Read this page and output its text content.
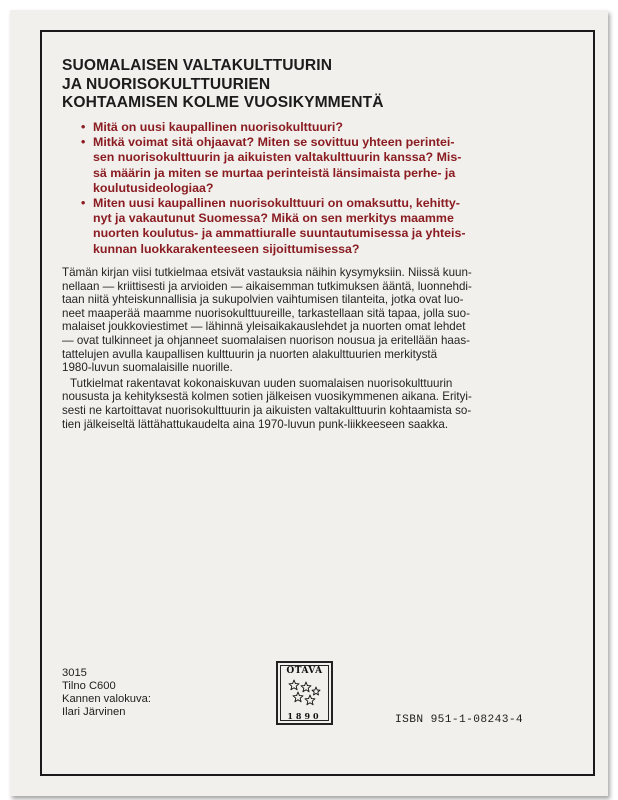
SUOMALAISEN VALTAKULTTUURIN
JA NUORISOKULTTUURIEN
KOHTAAMISEN KOLME VUOSIKYMMENTÄ
• Mitä on uusi kaupallinen nuorisokulttuuri?
• Mitkä voimat sitä ohjaavat? Miten se sovittuu yhteen perintei-
sen nuorisokulttuurin ja aikuisten valtakulttuurin kanssa? Mis-
sä määrin ja miten se murtaa perinteistä länsimaista perhe- ja
koulutusideologiaa?
• Miten uusi kaupallinen nuorisokulttuuri on omaksuttu, kehitty-
nyt ja vakautunut Suomessa? Mikä on sen merkitys maamme
nuorten koulutus- ja ammattiuralle suuntautumisessa ja yhteis-
kunnan luokkarakenteeseen sijoittumisessa?

Tämän kirjan viisi tutkielmaa etsivät vastauksia näihin kysymyksiin. Niissä kuun-
nellaan — kriittisesti ja arvioiden — aikaisemman tutkimuksen ääntä, luonnehdi-
taan niitä yhteiskunnallisia ja sukupolvien vaihtumisen tilanteita, jotka ovat luo-
neet maaperää maamme nuorisokulttuureille, tarkastellaan sitä tapaa, jolla suo-
malaiset joukkoviestimet — lähinnä yleisaikakauslehdet ja nuorten omat lehdet
— ovat tulkinneet ja ohjanneet suomalaisen nuorison nousua ja eritellään haas-
tattelujen avulla kaupallisen kulttuurin ja nuorten alakulttuurien merkitystä
1980-luvun suomalaisille nuorille.

Tutkielmat rakentavat kokonaiskuvan uuden suomalaisen nuorisokulttuurin
noususta ja kehityksestä kolmen sotien jälkeisen vuosikymmenen aikana. Erityi-
sesti ne kartoittavat nuorisokulttuurin ja aikuisten valtakulttuurin kohtaamista so-
tien jälkeiseltä lättähattukaudelta aina 1970-luvun punk-liikkeeseen saakka.

3015
Tilno C600
Kannen valokuva:
Ilari Järvinen
OTAVA
1890	ISBN 951-1-08243-4
